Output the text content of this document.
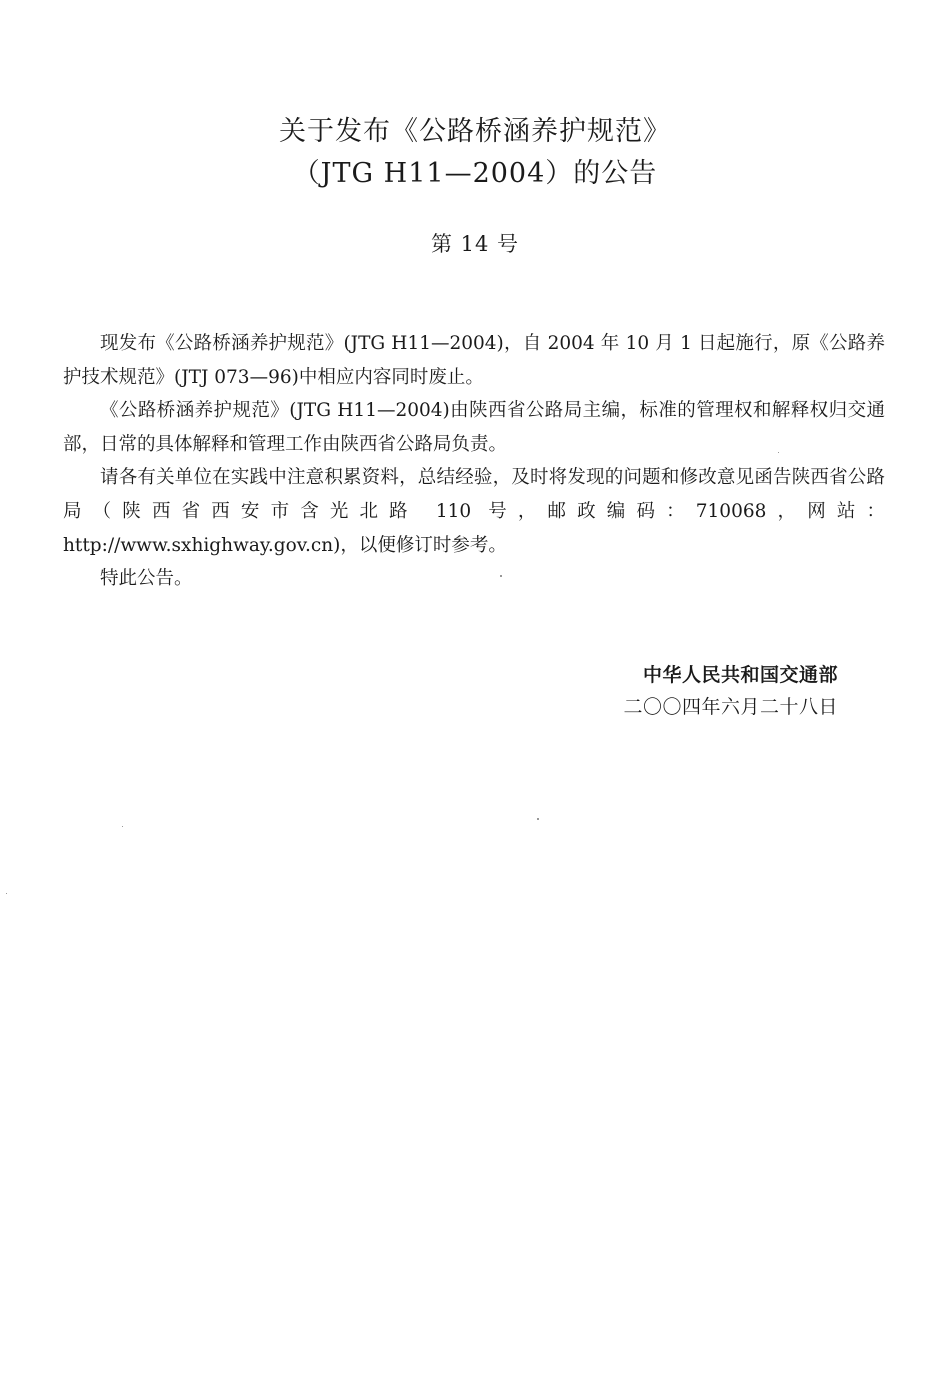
关于发布《公路桥涵养护规范》
（JTG H11—2004）的公告
第 14 号

现发布《公路桥涵养护规范》(JTG H11—2004)，自 2004 年 10 月 1 日起施行，原《公路养护技术规范》(JTJ 073—96)中相应内容同时废止。

《公路桥涵养护规范》(JTG H11—2004)由陕西省公路局主编，标准的管理权和解释权归交通部，日常的具体解释和管理工作由陕西省公路局负责。

请各有关单位在实践中注意积累资料，总结经验，及时将发现的问题和修改意见函告陕西省公路局（陕西省西安市含光北路 110 号，邮政编码：710068，网站：http://www.sxhighway.gov.cn)，以便修订时参考。

特此公告。

中华人民共和国交通部
二〇〇四年六月二十八日
